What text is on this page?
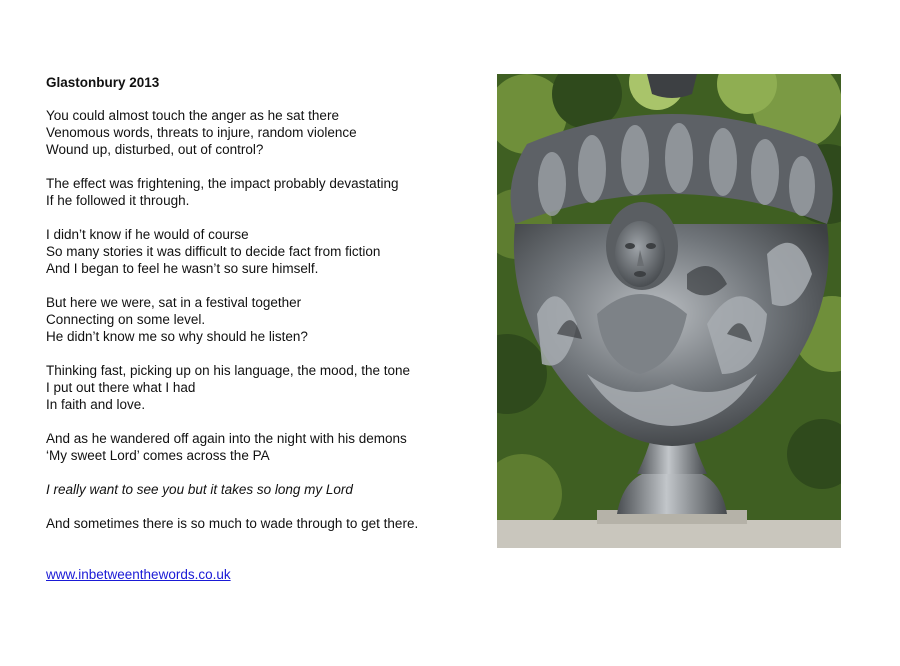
Glastonbury 2013
You could almost touch the anger as he sat there
Venomous words, threats to injure, random violence
Wound up, disturbed, out of control?
The effect was frightening, the impact probably devastating
If he followed it through.
I didn’t know if he would of course
So many stories it was difficult to decide fact from fiction
And I began to feel he wasn’t so sure himself.
But here we were, sat in a festival together
Connecting on some level.
He didn’t know me so why should he listen?
Thinking fast, picking up on his language, the mood, the tone
I put out there what I had
In faith and love.
And as he wandered off again into the night with his demons
‘My sweet Lord’ comes across the PA
I really want to see you but it takes so long my Lord
And sometimes there is so much to wade through to get there.
www.inbetweenthewords.co.uk
